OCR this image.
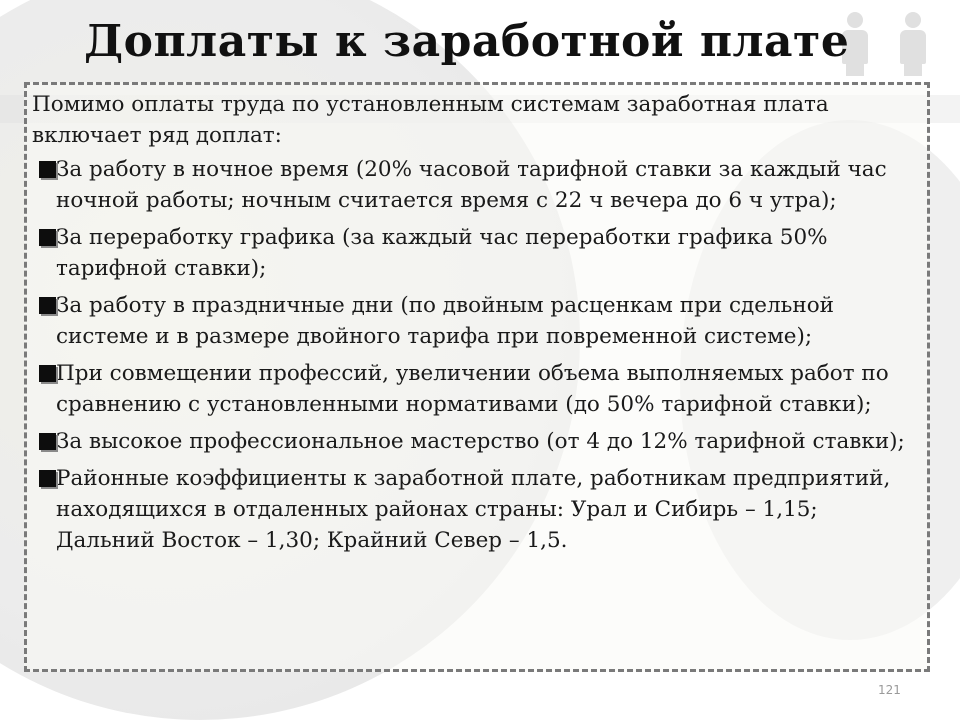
Доплаты к заработной плате

Помимо оплаты труда по установленным системам заработная плата включает ряд доплат:

За работу в ночное время (20% часовой тарифной ставки за каждый час ночной работы; ночным считается время с 22 ч вечера до 6 ч утра);
За переработку графика (за каждый час переработки графика 50% тарифной ставки);
За работу в праздничные дни (по двойным расценкам при сдельной системе и в размере двойного тарифа при повременной системе);
При совмещении профессий, увеличении объема выполняемых работ по сравнению с установленными нормативами (до 50% тарифной ставки);
За высокое профессиональное мастерство (от 4 до 12% тарифной ставки);
Районные коэффициенты к заработной плате, работникам предприятий, находящихся в отдаленных районах страны: Урал и Сибирь – 1,15; Дальний Восток – 1,30; Крайний Север – 1,5.
121
